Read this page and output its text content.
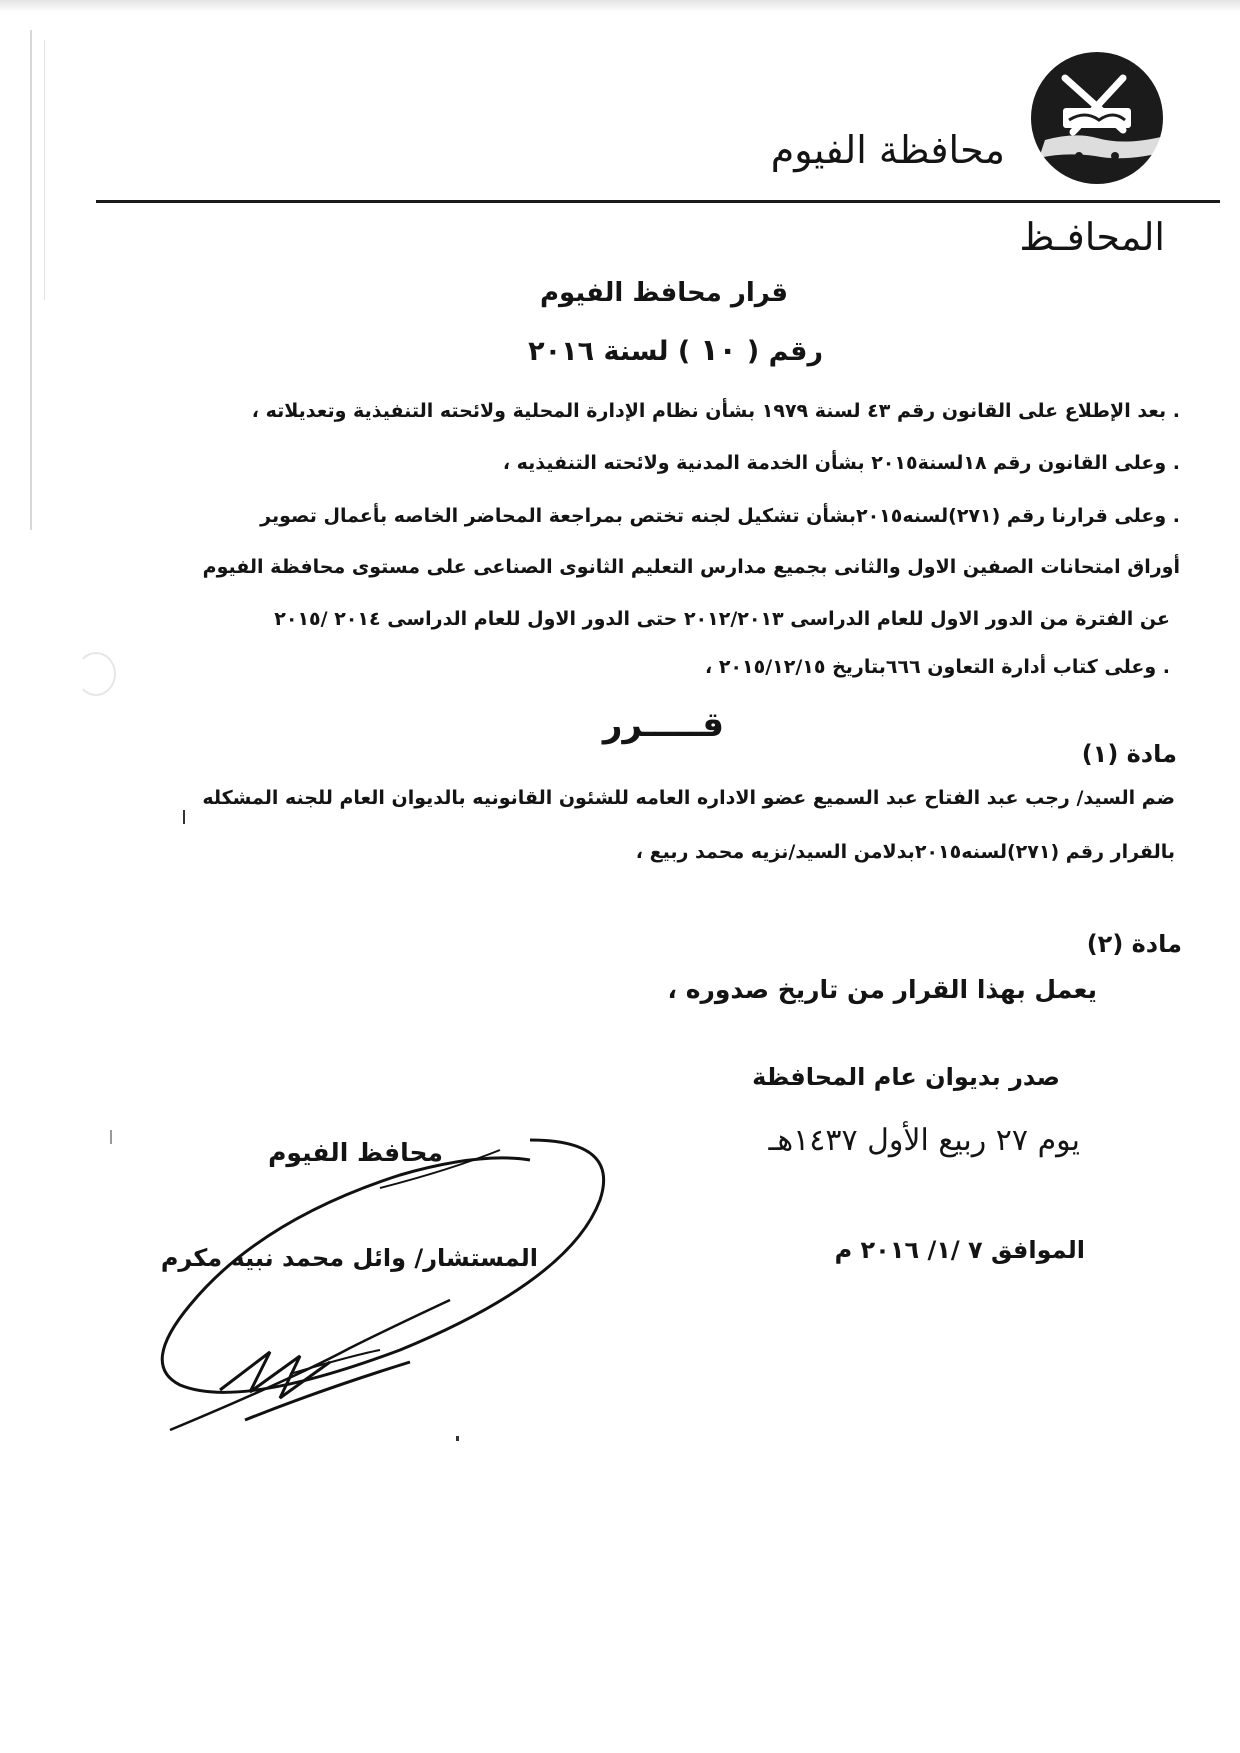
محافظة الفيوم
المحافـظ
قرار محافظ الفيوم
رقم (١٠) لسنة ٢٠١٦
. بعد الإطلاع على القانون رقم ٤٣ لسنة ١٩٧٩ بشأن نظام الإدارة المحلية ولائحته التنفيذية وتعديلاته ،
. وعلى القانون رقم ١٨لسنة٢٠١٥ بشأن الخدمة المدنية ولائحته التنفيذيه ،
. وعلى قرارنا رقم (٢٧١)لسنه٢٠١٥بشأن تشكيل لجنه تختص بمراجعة المحاضر الخاصه بأعمال تصوير
أوراق امتحانات الصفين الاول والثانى بجميع مدارس التعليم الثانوى الصناعى على مستوى محافظة الفيوم
عن الفترة من الدور الاول للعام الدراسى ٢٠١٢/٢٠١٣ حتى الدور الاول للعام الدراسى ٢٠١٤ /٢٠١٥
. وعلى كتاب أدارة التعاون ٦٦٦بتاريخ ٢٠١٥/١٢/١٥ ،
قـــــرر
مادة (١)
ضم السيد/ رجب عبد الفتاح عبد السميع عضو الاداره العامه للشئون القانونيه بالديوان العام للجنه المشكله
بالقرار رقم (٢٧١)لسنه٢٠١٥بدلامن السيد/نزيه محمد ربيع ،
مادة (٢)
يعمل بهذا القرار من تاريخ صدوره ،
صدر بديوان عام المحافظة
يوم ٢٧ ربيع الأول ١٤٣٧هـ
الموافق ٧ /١/ ٢٠١٦ م
محافظ الفيوم
المستشار/ وائل محمد نبيه مكرم
